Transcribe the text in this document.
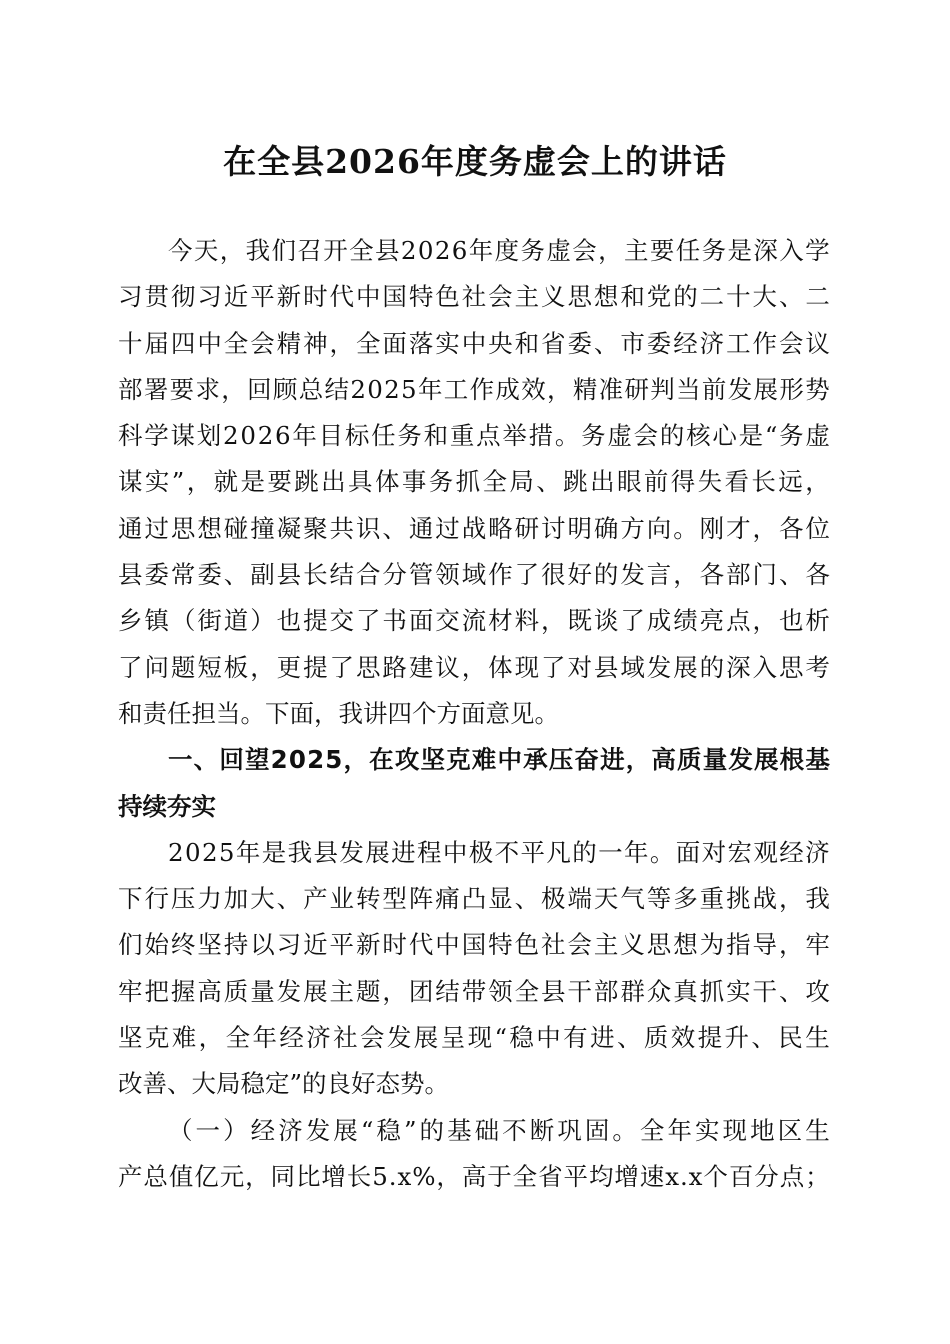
在全县2026年度务虚会上的讲话
今 天 ， 我 们 召 开 全 县 2 0 2 6 年 度 务 虚 会 ， 主 要 任 务 是 深 入 学
习 贯 彻 习 近 平 新 时 代 中 国 特 色 社 会 主 义 思 想 和 党 的 二 十 大 、 二
十 届 四 中 全 会 精 神 ， 全 面 落 实 中 央 和 省 委 、 市 委 经 济 工 作 会 议
部 署 要 求 ， 回 顾 总 结 2 0 2 5 年 工 作 成 效 ， 精 准 研 判 当 前 发 展 形 势
科 学 谋 划 2 0 2 6 年 目 标 任 务 和 重 点 举 措 。 务 虚 会 的 核 心 是 “ 务 虚
谋 实 ” ， 就 是 要 跳 出 具 体 事 务 抓 全 局 、 跳 出 眼 前 得 失 看 长 远 ，
通 过 思 想 碰 撞 凝 聚 共 识 、 通 过 战 略 研 讨 明 确 方 向 。 刚 才 ， 各 位
县 委 常 委 、 副 县 长 结 合 分 管 领 域 作 了 很 好 的 发 言 ， 各 部 门 、 各
乡 镇 （ 街 道 ） 也 提 交 了 书 面 交 流 材 料 ， 既 谈 了 成 绩 亮 点 ， 也 析
了 问 题 短 板 ， 更 提 了 思 路 建 议 ， 体 现 了 对 县 域 发 展 的 深 入 思 考
和责任担当。下面，我讲四个方面意见。
一 、 回 望 2 0 2 5 ， 在 攻 坚 克 难 中 承 压 奋 进 ， 高 质 量 发 展 根 基
持续夯实
2 0 2 5 年 是 我 县 发 展 进 程 中 极 不 平 凡 的 一 年 。 面 对 宏 观 经 济
下 行 压 力 加 大 、 产 业 转 型 阵 痛 凸 显 、 极 端 天 气 等 多 重 挑 战 ， 我
们 始 终 坚 持 以 习 近 平 新 时 代 中 国 特 色 社 会 主 义 思 想 为 指 导 ， 牢
牢 把 握 高 质 量 发 展 主 题 ， 团 结 带 领 全 县 干 部 群 众 真 抓 实 干 、 攻
坚 克 难 ， 全 年 经 济 社 会 发 展 呈 现 “ 稳 中 有 进 、 质 效 提 升 、 民 生
改善、大局稳定”的良好态势。
（ 一 ） 经 济 发 展 “ 稳 ” 的 基 础 不 断 巩 固 。 全 年 实 现 地 区 生
产 总 值 亿 元 ， 同 比 增 长 5 . x % ， 高 于 全 省 平 均 增 速 x . x 个 百 分 点 ；
